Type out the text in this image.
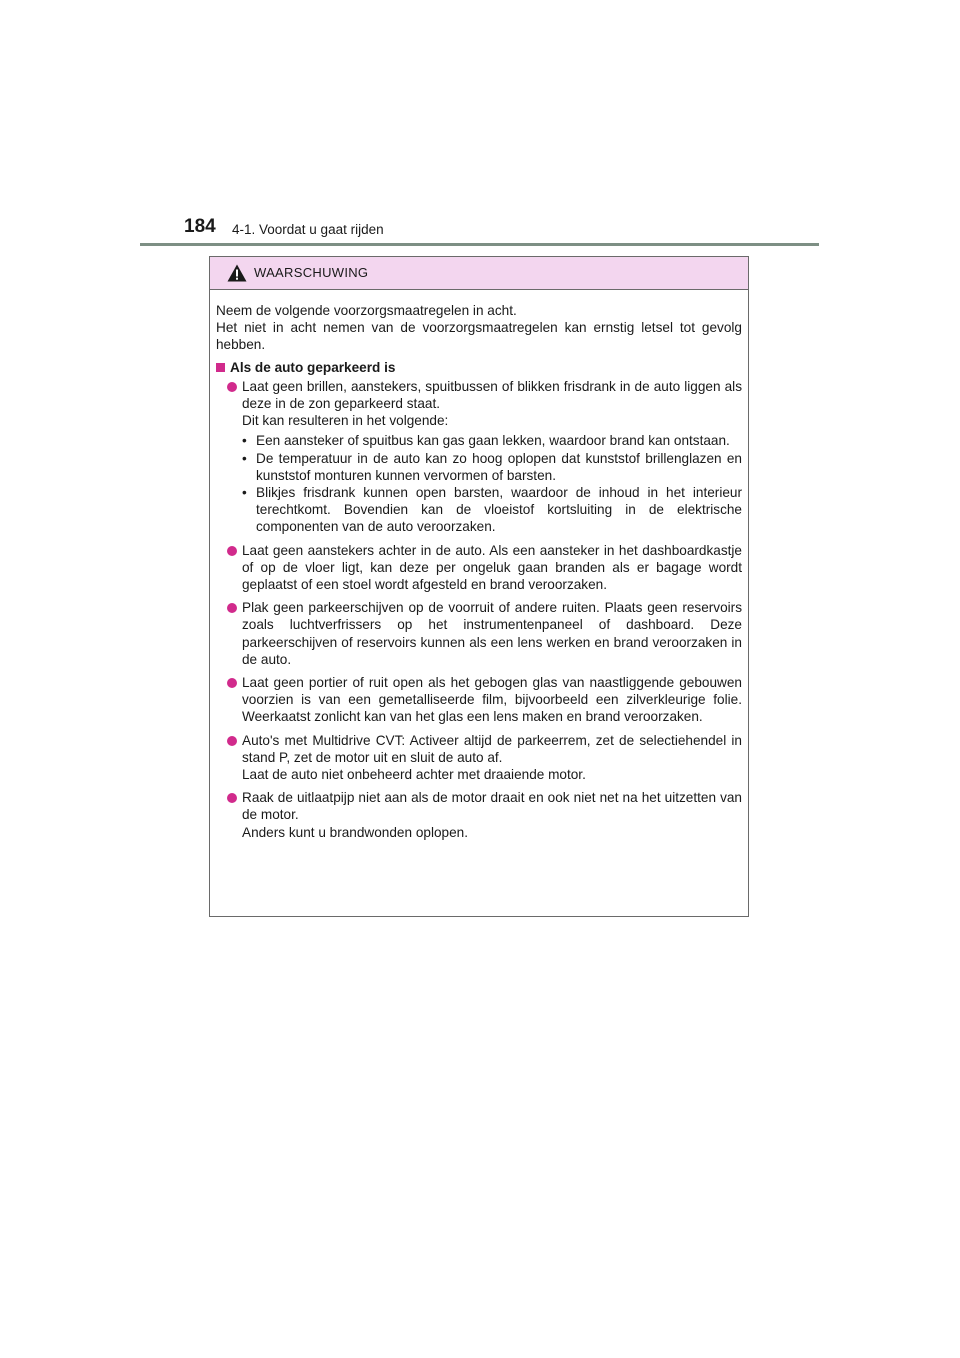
184 4-1. Voordat u gaat rijden
WAARSCHUWING

Neem de volgende voorzorgsmaatregelen in acht.

Het niet in acht nemen van de voorzorgsmaatregelen kan ernstig letsel tot gevolg hebben.

Als de auto geparkeerd is

Laat geen brillen, aanstekers, spuitbussen of blikken frisdrank in de auto liggen als deze in de zon geparkeerd staat.

Dit kan resulteren in het volgende:

• Een aansteker of spuitbus kan gas gaan lekken, waardoor brand kan ontstaan.
• De temperatuur in de auto kan zo hoog oplopen dat kunststof brillenglazen en kunststof monturen kunnen vervormen of barsten.
• Blikjes frisdrank kunnen open barsten, waardoor de inhoud in het interieur terechtkomt. Bovendien kan de vloeistof kortsluiting in de elektrische componenten van de auto veroorzaken.

Laat geen aanstekers achter in de auto. Als een aansteker in het dashboardkastje of op de vloer ligt, kan deze per ongeluk gaan branden als er bagage wordt geplaatst of een stoel wordt afgesteld en brand veroorzaken.

Plak geen parkeerschijven op de voorruit of andere ruiten. Plaats geen reservoirs zoals luchtverfrissers op het instrumentenpaneel of dashboard. Deze parkeerschijven of reservoirs kunnen als een lens werken en brand veroorzaken in de auto.

Laat geen portier of ruit open als het gebogen glas van naastliggende gebouwen voorzien is van een gemetalliseerde film, bijvoorbeeld een zilverkleurige folie. Weerkaatst zonlicht kan van het glas een lens maken en brand veroorzaken.

Auto's met Multidrive CVT: Activeer altijd de parkeerrem, zet de selectiehendel in stand P, zet de motor uit en sluit de auto af.

Laat de auto niet onbeheerd achter met draaiende motor.

Raak de uitlaatpijp niet aan als de motor draait en ook niet net na het uitzetten van de motor.

Anders kunt u brandwonden oplopen.
